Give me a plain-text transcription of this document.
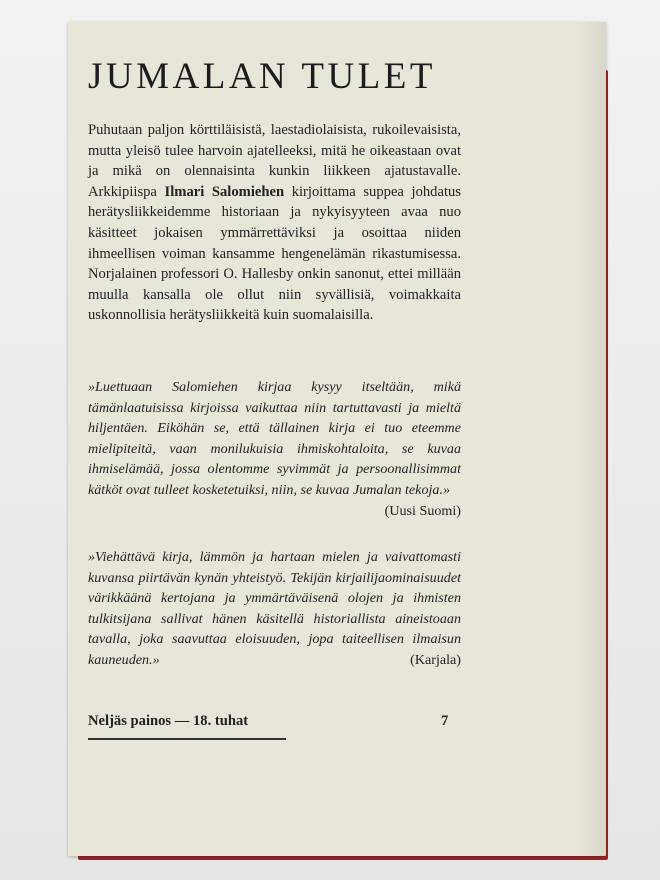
JUMALAN TULET

Puhutaan paljon körttiläisistä, laestadiolaisista, rukoilevaisista, mutta yleisö tulee harvoin ajatelleeksi, mitä he oikeastaan ovat ja mikä on olennaisinta kunkin liikkeen ajatustavalle. Arkkipiispa Ilmari Salomiehen kirjoittama suppea johdatus herätysliikkeidemme historiaan ja nykyisyyteen avaa nuo käsitteet jokaisen ymmärrettäviksi ja osoittaa niiden ihmeellisen voiman kansamme hengenelämän rikastumisessa. Norjalainen professori O. Hallesby onkin sanonut, ettei millään muulla kansalla ole ollut niin syvällisiä, voimakkaita uskonnollisia herätysliikkeitä kuin suomalaisilla.

»Luettuaan Salomiehen kirjaa kysyy itseltään, mikä tämänlaatuisissa kirjoissa vaikuttaa niin tartuttavasti ja mieltä hiljentäen. Eiköhän se, että tällainen kirja ei tuo eteemme mielipiteitä, vaan monilukuisia ihmiskohtaloita, se kuvaa ihmiselämää, jossa olentomme syvimmät ja persoonallisimmat kätköt ovat tulleet kosketetuiksi, niin, se kuvaa Jumalan tekoja.»
(Uusi Suomi)

»Viehättävä kirja, lämmön ja hartaan mielen ja vaivattomasti kuvansa piirtävän kynän yhteistyö. Tekijän kirjailijaominaisuudet värikkäänä kertojana ja ymmärtäväisenä olojen ja ihmisten tulkitsijana sallivat hänen käsitellä historiallista aineistoaan tavalla, joka saavuttaa eloisuuden, jopa taiteellisen ilmaisun kauneuden.»	(Karjala)

Neljäs painos — 18. tuhat	7
